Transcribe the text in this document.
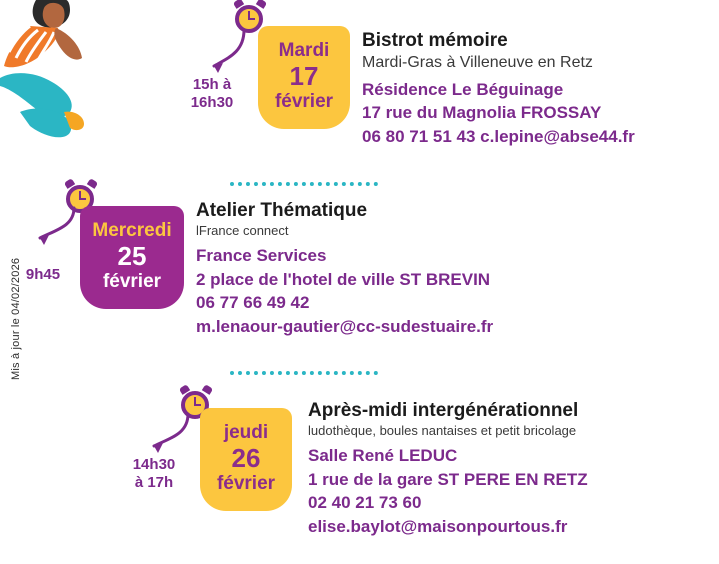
Mis à jour le 04/02/2026
15h à
16h30
Mardi
17
février

Bistrot mémoire

Mardi-Gras à Villeneuve en Retz

Résidence Le Béguinage
17 rue du Magnolia FROSSAY
06 80 71 51 43 c.lepine@abse44.fr
9h45
Mercredi
25
février

Atelier Thématique

lFrance connect

France Services
2 place de l'hotel de ville ST BREVIN
06 77 66 49 42
m.lenaour-gautier@cc-sudestuaire.fr
14h30
à 17h
jeudi
26
février

Après-midi intergénérationnel

ludothèque, boules nantaises et petit bricolage

Salle René LEDUC
1 rue de la gare ST PERE EN RETZ
02 40 21 73 60
elise.baylot@maisonpourtous.fr
